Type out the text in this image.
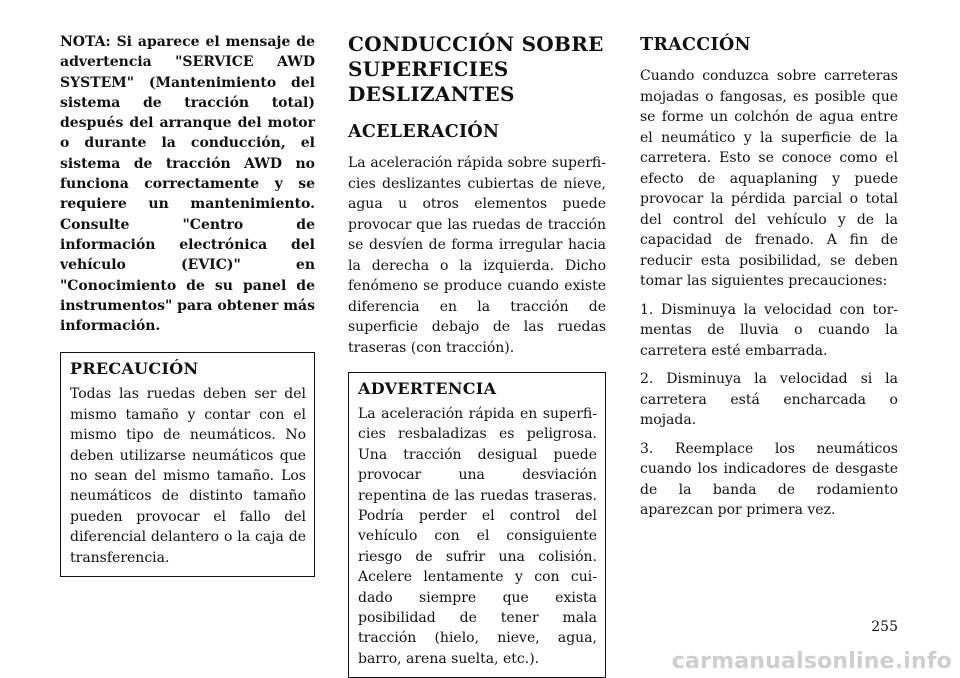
NOTA: Si aparece el mensaje de advertencia "SERVICE AWD SYSTEM" (Mantenimiento del sistema de tracción total) después del arranque del motor o durante la conducción, el sistema de tracción AWD no funciona correctamente y se requiere un mantenimiento. Consulte "Centro de información electrónica del vehículo (EVIC)" en "Conocimiento de su panel de instrumentos" para obtener más información.

PRECAUCIÓN

Todas las ruedas deben ser del mismo tamaño y contar con el mismo tipo de neumáticos. No deben utilizarse neumáticos que no sean del mismo tamaño. Los neumáticos de distinto tamaño pueden provocar el fallo del diferencial delantero o la caja de transferencia.

CONDUCCIÓN SOBRE SUPERFICIES DESLIZANTES
ACELERACIÓN

La aceleración rápida sobre superficies deslizantes cubiertas de nieve, agua u otros elementos puede provocar que las ruedas de tracción se desvíen de forma irregular hacia la derecha o la izquierda. Dicho fenómeno se produce cuando existe diferencia en la tracción de superficie debajo de las ruedas traseras (con tracción).

ADVERTENCIA

La aceleración rápida en superficies resbaladizas es peligrosa. Una tracción desigual puede provocar una desviación repentina de las ruedas traseras. Podría perder el control del vehículo con el consiguiente riesgo de sufrir una colisión. Acelere lentamente y con cuidado siempre que exista posibilidad de tener mala tracción (hielo, nieve, agua, barro, arena suelta, etc.).

TRACCIÓN

Cuando conduzca sobre carreteras mojadas o fangosas, es posible que se forme un colchón de agua entre el neumático y la superficie de la carretera. Esto se conoce como el efecto de aquaplaning y puede provocar la pérdida parcial o total del control del vehículo y de la capacidad de frenado. A fin de reducir esta posibilidad, se deben tomar las siguientes precauciones:

1. Disminuya la velocidad con tormentas de lluvia o cuando la carretera esté embarrada.

2. Disminuya la velocidad si la carretera está encharcada o mojada.

3. Reemplace los neumáticos cuando los indicadores de desgaste de la banda de rodamiento aparezcan por primera vez.

255
carmanualsonline.info
